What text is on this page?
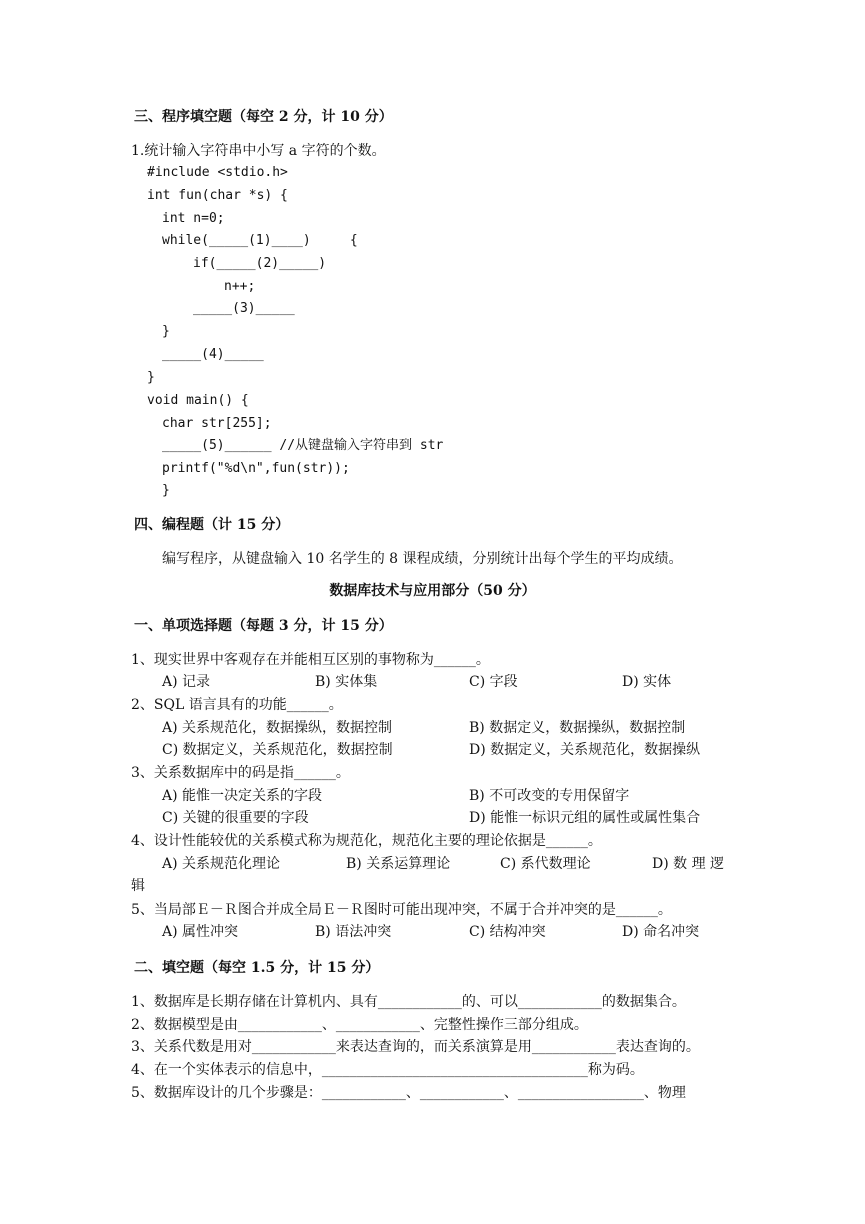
三、程序填空题（每空 2 分，计 10 分）
1.统计输入字符串中小写 a 字符的个数。
#include <stdio.h>
int fun(char *s) {
int n=0;
while(_____(1)____)     {
if(_____(2)_____)
n++;
_____(3)_____
}
_____(4)_____
}
void main() {
char str[255];
_____(5)______ //从键盘输入字符串到 str
printf("%d\n",fun(str));
}
四、编程题（计 15 分）
编写程序，从键盘输入 10 名学生的 8 课程成绩，分别统计出每个学生的平均成绩。
数据库技术与应用部分（50 分）
一、单项选择题（每题 3 分，计 15 分）
1、现实世界中客观存在并能相互区别的事物称为______。
A) 记录	B) 实体集	C) 字段	D) 实体
2、SQL 语言具有的功能______。
A) 关系规范化，数据操纵，数据控制	B) 数据定义，数据操纵，数据控制
C) 数据定义，关系规范化，数据控制	D) 数据定义，关系规范化，数据操纵
3、关系数据库中的码是指______。
A) 能惟一决定关系的字段	B) 不可改变的专用保留字
C) 关键的很重要的字段	D) 能惟一标识元组的属性或属性集合
4、设计性能较优的关系模式称为规范化，规范化主要的理论依据是______。
A) 关系规范化理论	B) 关系运算理论	C) 系代数理论	D) 数 理 逻
辑
5、当局部Ｅ－Ｒ图合并成全局Ｅ－Ｒ图时可能出现冲突，不属于合并冲突的是______。
A) 属性冲突	B) 语法冲突	C) 结构冲突	D) 命名冲突
二、填空题（每空 1.5 分，计 15 分）
1、数据库是长期存储在计算机内、具有____________的、可以____________的数据集合。
2、数据模型是由____________、____________、完整性操作三部分组成。
3、关系代数是用对____________来表达查询的，而关系演算是用____________表达查询的。
4、在一个实体表示的信息中，______________________________________称为码。
5、数据库设计的几个步骤是：____________、____________、__________________、物理
